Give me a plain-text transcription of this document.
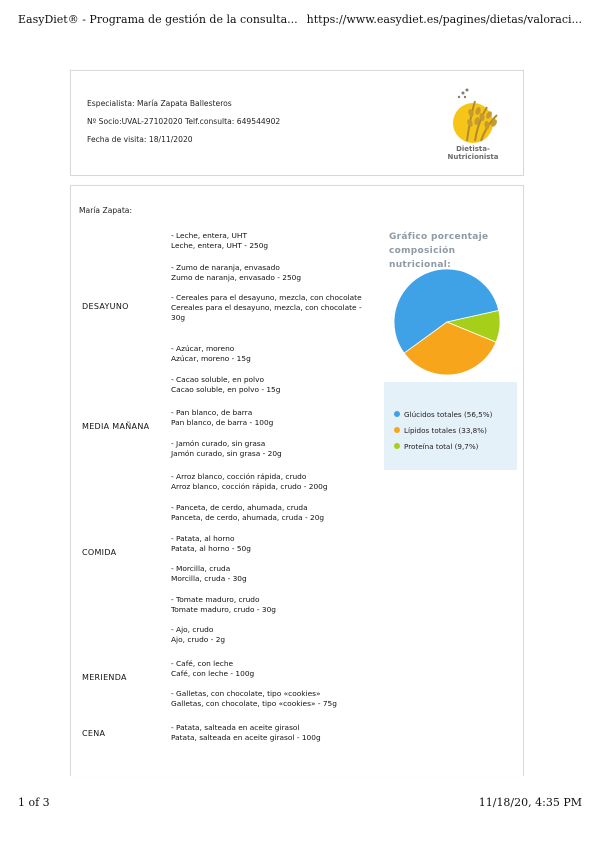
EasyDiet® - Programa de gestión de la consulta... https://www.easydiet.es/pagines/dietas/valoraci...
Especialista: María Zapata Ballesteros
Nº Socio:UVAL-27102020 Telf.consulta: 649544902
Fecha de visita: 18/11/2020
Dietista-Nutricionista
María Zapata:
DESAYUNO
MEDIA MAÑANA
COMIDA
MERIENDA
CENA
- Leche, entera, UHT
Leche, entera, UHT - 250g
- Zumo de naranja, envasado
Zumo de naranja, envasado - 250g
- Cereales para el desayuno, mezcla, con chocolate
Cereales para el desayuno, mezcla, con chocolate - 30g
- Azúcar, moreno
Azúcar, moreno - 15g
- Cacao soluble, en polvo
Cacao soluble, en polvo - 15g
- Pan blanco, de barra
Pan blanco, de barra - 100g
- Jamón curado, sin grasa
Jamón curado, sin grasa - 20g
- Arroz blanco, cocción rápida, crudo
Arroz blanco, cocción rápida, crudo - 200g
- Panceta, de cerdo, ahumada, cruda
Panceta, de cerdo, ahumada, cruda - 20g
- Patata, al horno
Patata, al horno - 50g
- Morcilla, cruda
Morcilla, cruda - 30g
- Tomate maduro, crudo
Tomate maduro, crudo - 30g
- Ajo, crudo
Ajo, crudo - 2g
- Café, con leche
Café, con leche - 100g
- Galletas, con chocolate, tipo «cookies»
Galletas, con chocolate, tipo «cookies» - 75g
- Patata, salteada en aceite girasol
Patata, salteada en aceite girasol - 100g
Gráfico porcentaje composición nutricional:
Glúcidos totales (56,5%)
Lípidos totales (33,8%)
Proteína total (9,7%)
1 of 3	11/18/20, 4:35 PM
